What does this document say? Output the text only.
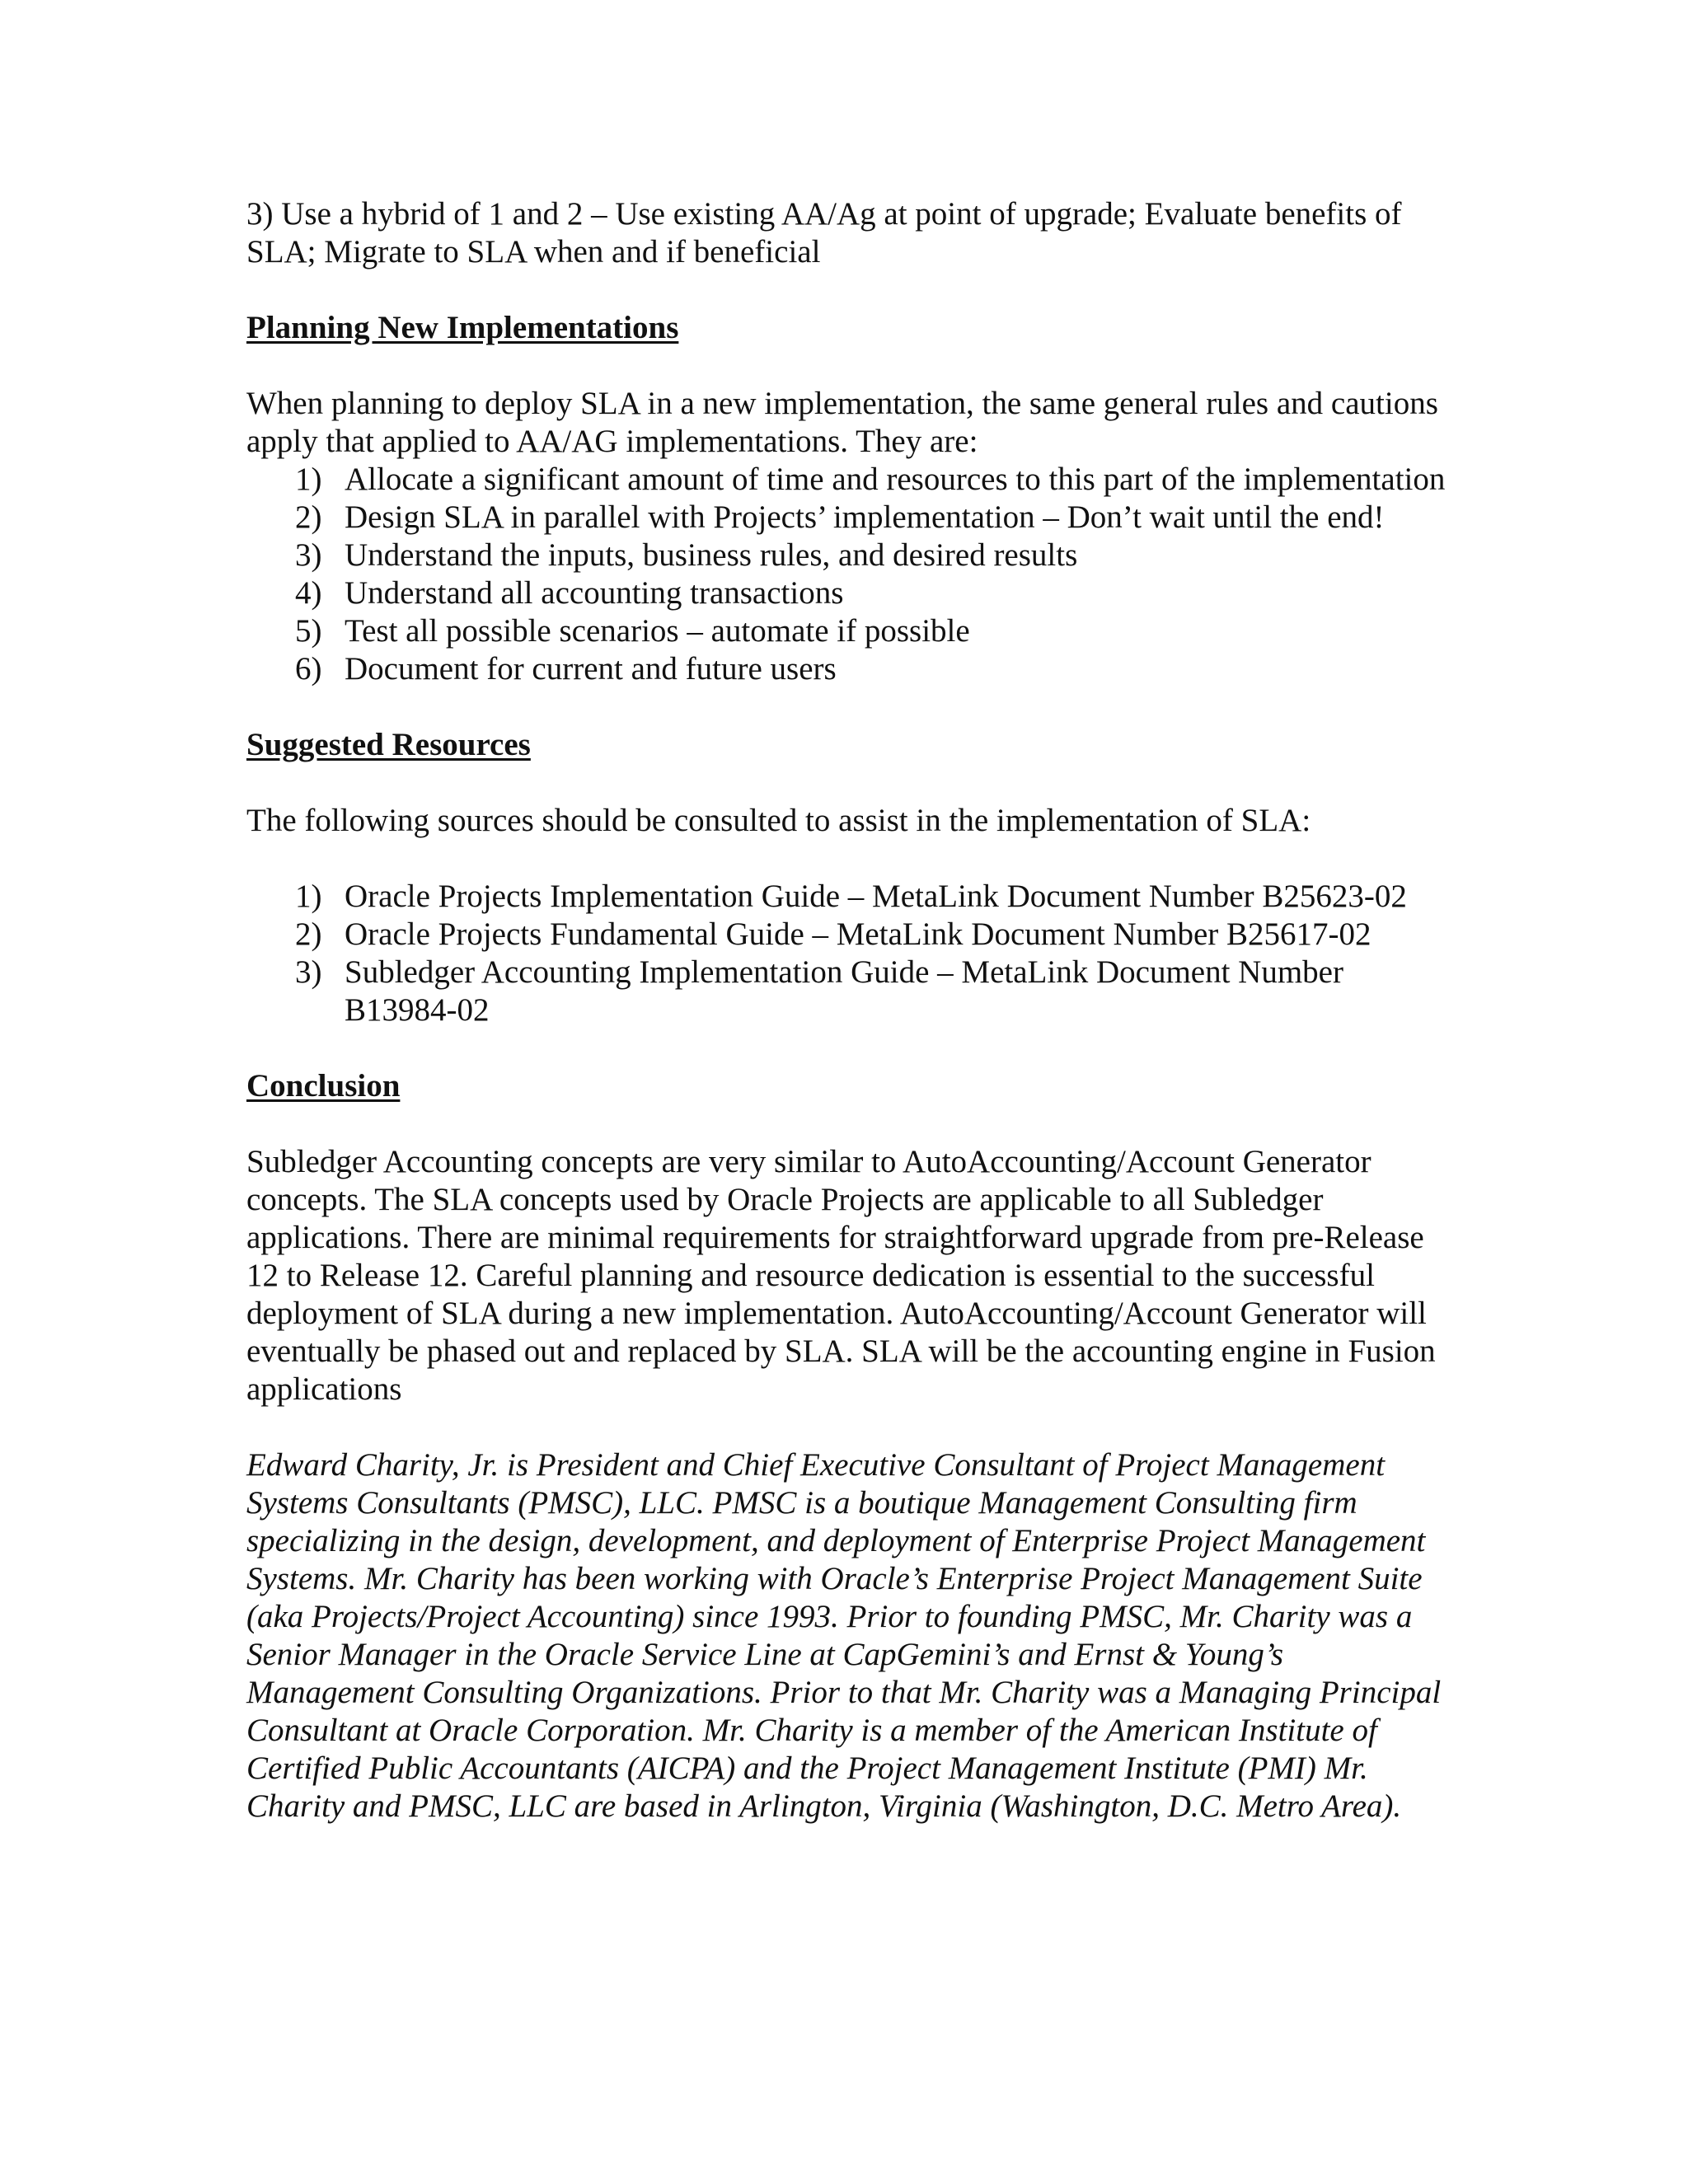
3) Use a hybrid of 1 and 2 – Use existing AA/Ag at point of upgrade; Evaluate benefits of SLA; Migrate to SLA when and if beneficial

Planning New Implementations

When planning to deploy SLA in a new implementation, the same general rules and cautions apply that applied to AA/AG implementations. They are:

1) Allocate a significant amount of time and resources to this part of the implementation
2) Design SLA in parallel with Projects’ implementation – Don’t wait until the end!
3) Understand the inputs, business rules, and desired results
4) Understand all accounting transactions
5) Test all possible scenarios – automate if possible
6) Document for current and future users
Suggested Resources

The following sources should be consulted to assist in the implementation of SLA:

1) Oracle Projects Implementation Guide – MetaLink Document Number B25623-02
2) Oracle Projects Fundamental Guide – MetaLink Document Number B25617-02
3) Subledger Accounting Implementation Guide – MetaLink Document Number B13984-02
Conclusion

Subledger Accounting concepts are very similar to AutoAccounting/Account Generator concepts. The SLA concepts used by Oracle Projects are applicable to all Subledger applications. There are minimal requirements for straightforward upgrade from pre-Release 12 to Release 12. Careful planning and resource dedication is essential to the successful deployment of SLA during a new implementation. AutoAccounting/Account Generator will eventually be phased out and replaced by SLA. SLA will be the accounting engine in Fusion applications

Edward Charity, Jr. is President and Chief Executive Consultant of Project Management Systems Consultants (PMSC), LLC. PMSC is a boutique Management Consulting firm specializing in the design, development, and deployment of Enterprise Project Management Systems. Mr. Charity has been working with Oracle’s Enterprise Project Management Suite (aka Projects/Project Accounting) since 1993. Prior to founding PMSC, Mr. Charity was a Senior Manager in the Oracle Service Line at CapGemini’s and Ernst & Young’s Management Consulting Organizations. Prior to that Mr. Charity was a Managing Principal Consultant at Oracle Corporation. Mr. Charity is a member of the American Institute of Certified Public Accountants (AICPA) and the Project Management Institute (PMI) Mr. Charity and PMSC, LLC are based in Arlington, Virginia (Washington, D.C. Metro Area).
